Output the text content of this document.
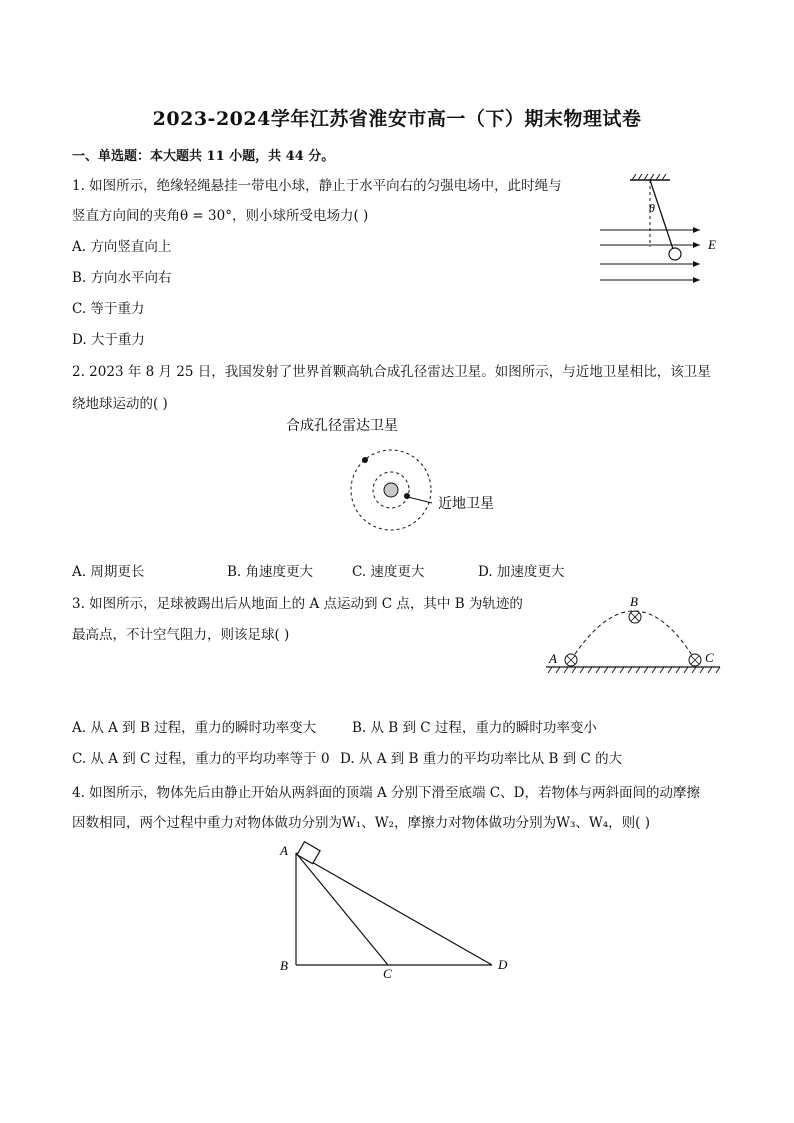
2023-2024学年江苏省淮安市高一（下）期末物理试卷
一、单选题：本大题共 11 小题，共 44 分。
1. 如图所示，绝缘轻绳悬挂一带电小球，静止于水平向右的匀强电场中，此时绳与
竖直方向间的夹角θ = 30°，则小球所受电场力( )
A. 方向竖直向上
B. 方向水平向右
C. 等于重力
D. 大于重力
θ
E
2. 2023 年 8 月 25 日，我国发射了世界首颗高轨合成孔径雷达卫星。如图所示，与近地卫星相比，该卫星
绕地球运动的( )
合成孔径雷达卫星
近地卫星
A. 周期更长	B. 角速度更大	C. 速度更大	D. 加速度更大
3. 如图所示，足球被踢出后从地面上的 A 点运动到 C 点，其中 B 为轨迹的
最高点，不计空气阻力，则该足球( )
A
B
C
A. 从 A 到 B 过程，重力的瞬时功率变大	B. 从 B 到 C 过程，重力的瞬时功率变小
C. 从 A 到 C 过程，重力的平均功率等于 0 D. 从 A 到 B 重力的平均功率比从 B 到 C 的大
4. 如图所示，物体先后由静止开始从两斜面的顶端 A 分别下滑至底端 C、D，若物体与两斜面间的动摩擦
因数相同，两个过程中重力对物体做功分别为W₁、W₂，摩擦力对物体做功分别为W₃、W₄，则( )
A
B
C
D
